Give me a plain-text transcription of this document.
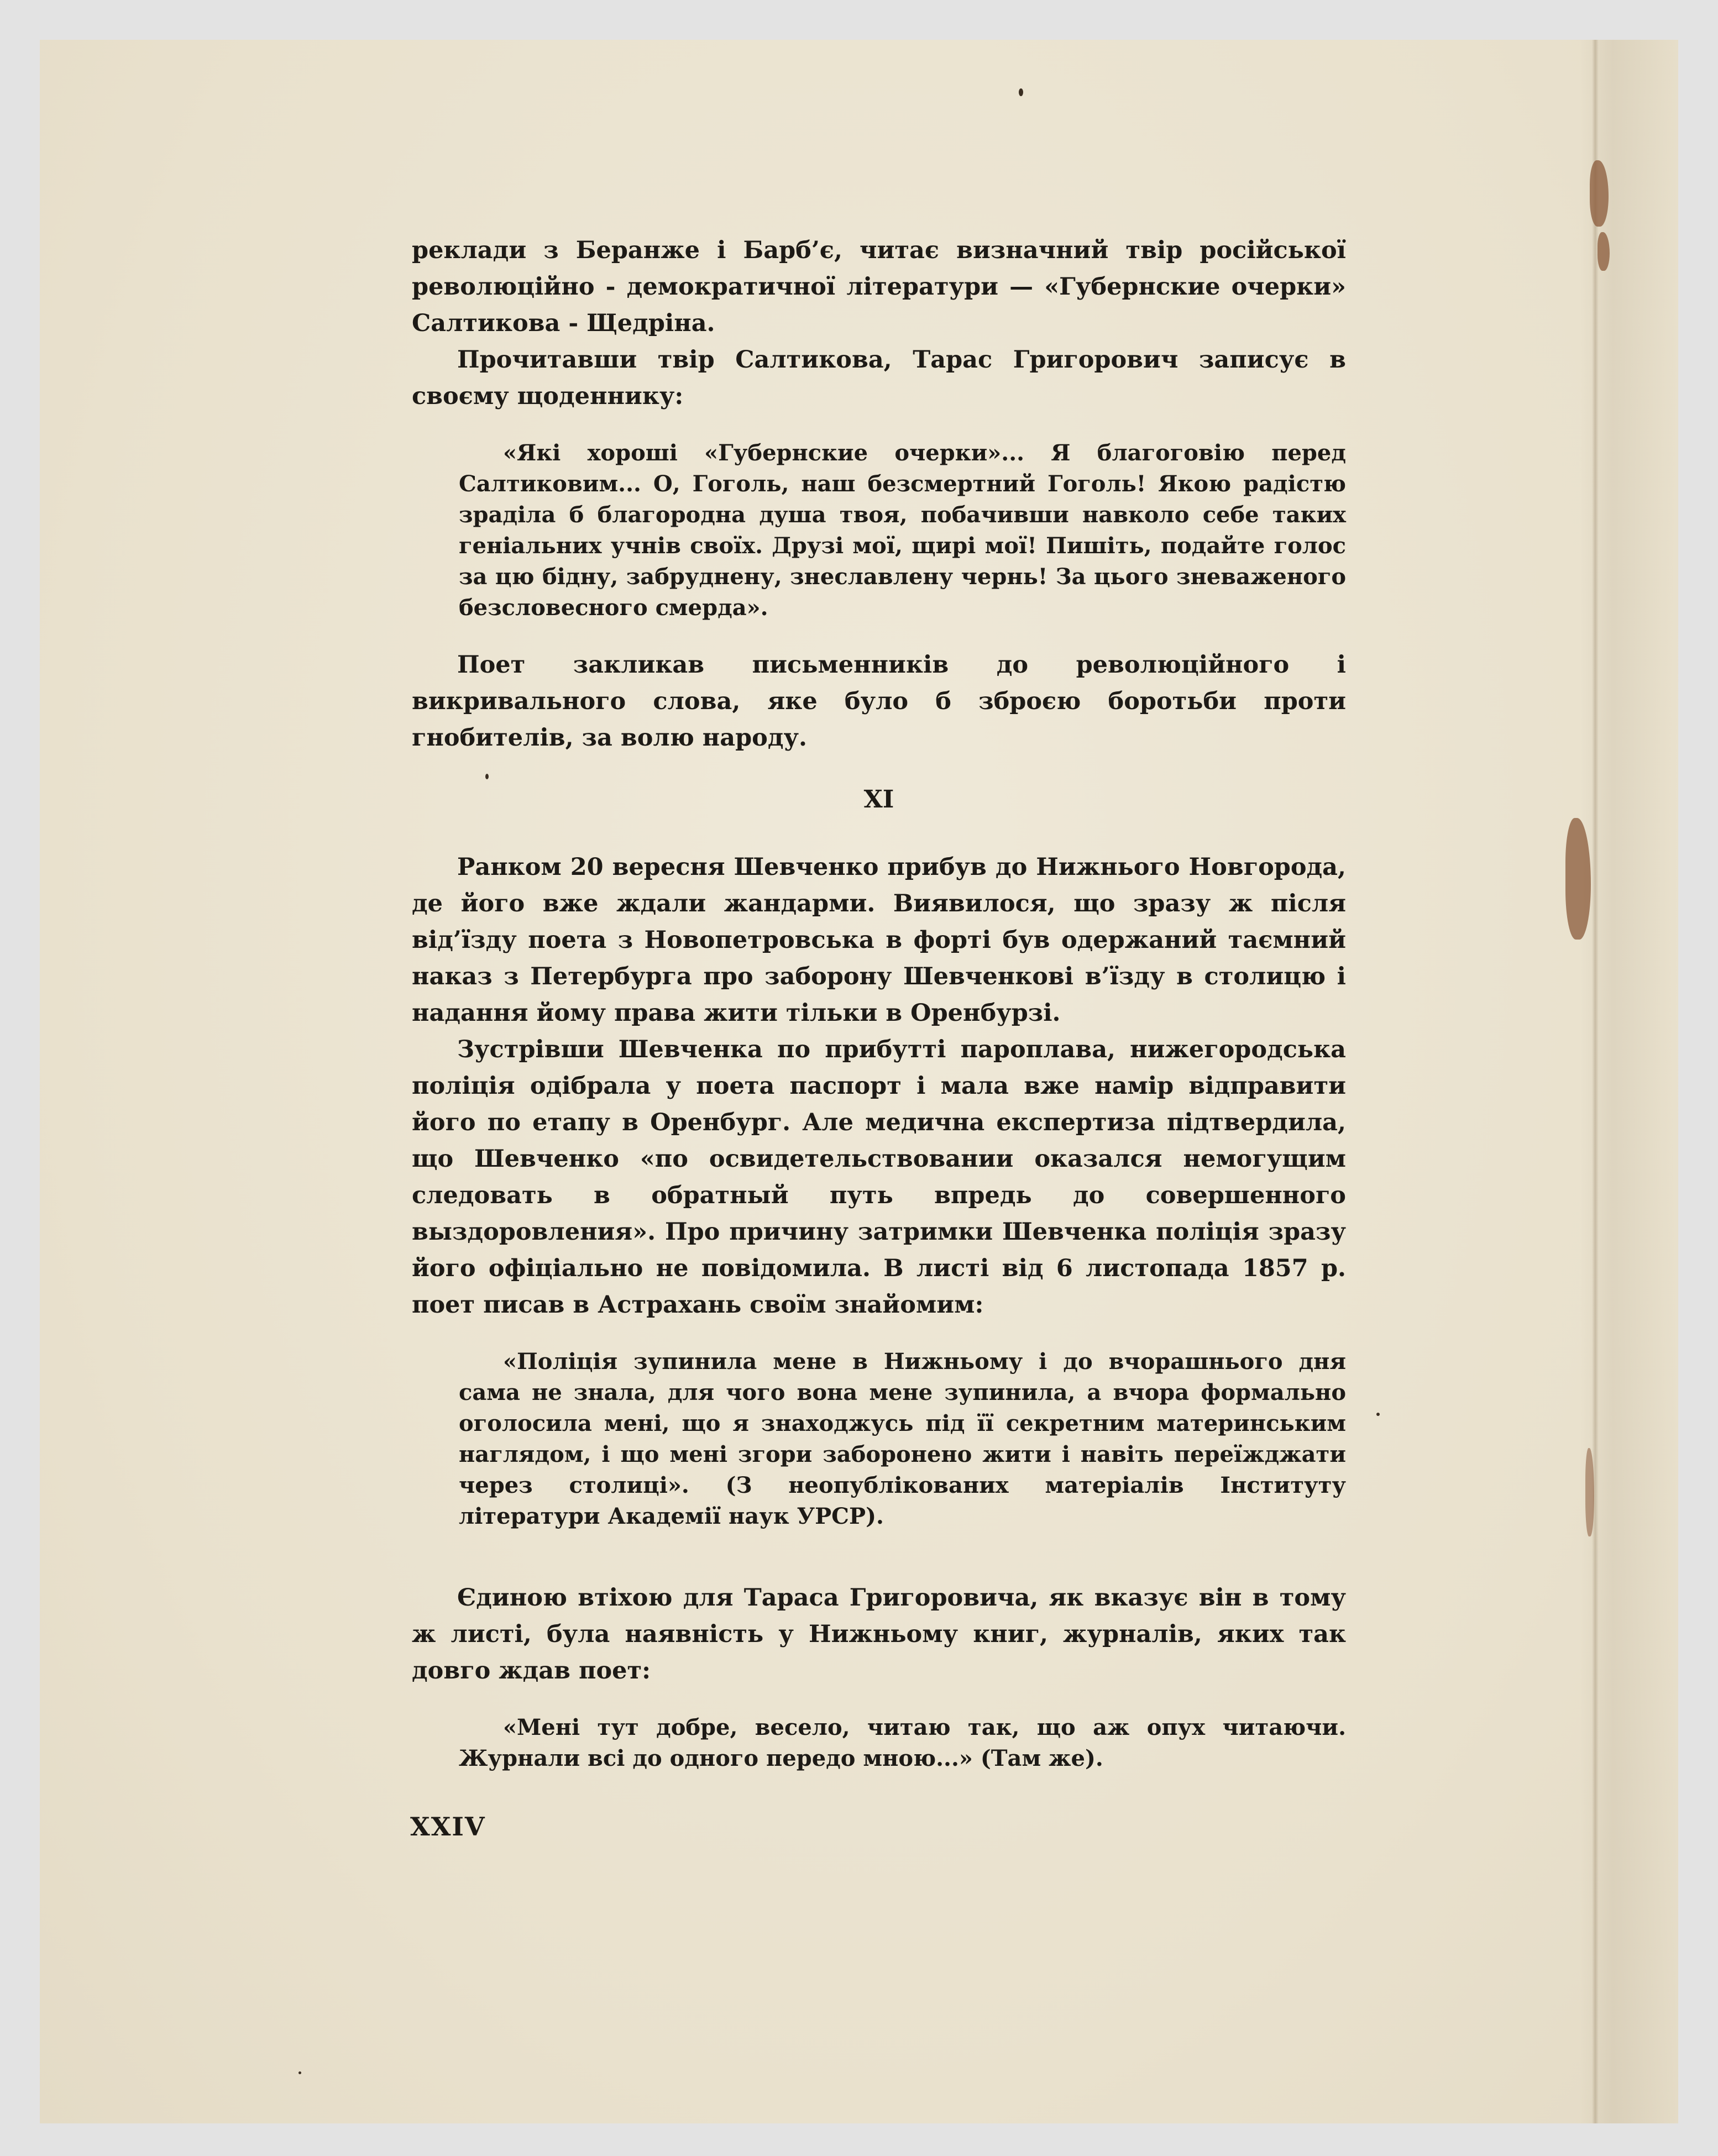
реклади з Беранже і Барб’є, читає визначний твір російської революційно - демократичної літератури — «Губернские очерки» Салтикова - Щедріна.

Прочитавши твір Салтикова, Тарас Григорович записує в своєму щоденнику:

«Які хороші «Губернские очерки»... Я благоговію перед Салтиковим... О, Гоголь, наш безсмертний Гоголь! Якою радістю зраділа б благородна душа твоя, побачивши навколо себе таких геніальних учнів своїх. Друзі мої, щирі мої! Пишіть, подайте голос за цю бідну, забруднену, знеславлену чернь! За цього зневаженого безсловесного смерда».

Поет закликав письменників до революційного і викривального слова, яке було б зброєю боротьби проти гнобителів, за волю народу.

XI

Ранком 20 вересня Шевченко прибув до Нижнього Новгорода, де його вже ждали жандарми. Виявилося, що зразу ж після від’їзду поета з Новопетровська в форті був одержаний таємний наказ з Петербурга про заборону Шевченкові в’їзду в столицю і надання йому права жити тільки в Оренбурзі.

Зустрівши Шевченка по прибутті пароплава, нижегородська поліція одібрала у поета паспорт і мала вже намір відправити його по етапу в Оренбург. Але медична експертиза підтвердила, що Шевченко «по освидетельствовании оказался немогущим следовать в обратный путь впредь до совершенного выздоровления». Про причину затримки Шевченка поліція зразу його офіціально не повідомила. В листі від 6 листопада 1857 р. поет писав в Астрахань своїм знайомим:

«Поліція зупинила мене в Нижньому і до вчорашнього дня сама не знала, для чого вона мене зупинила, а вчора формально оголосила мені, що я знаходжусь під її секретним материнським наглядом, і що мені згори заборонено жити і навіть переїжджати через столиці». (З неопублікованих матеріалів Інституту літератури Академії наук УРСР).

Єдиною втіхою для Тараса Григоровича, як вказує він в тому ж листі, була наявність у Нижньому книг, журналів, яких так довго ждав поет:

«Мені тут добре, весело, читаю так, що аж опух читаючи. Журнали всі до одного передо мною...» (Там же).

XXIV
